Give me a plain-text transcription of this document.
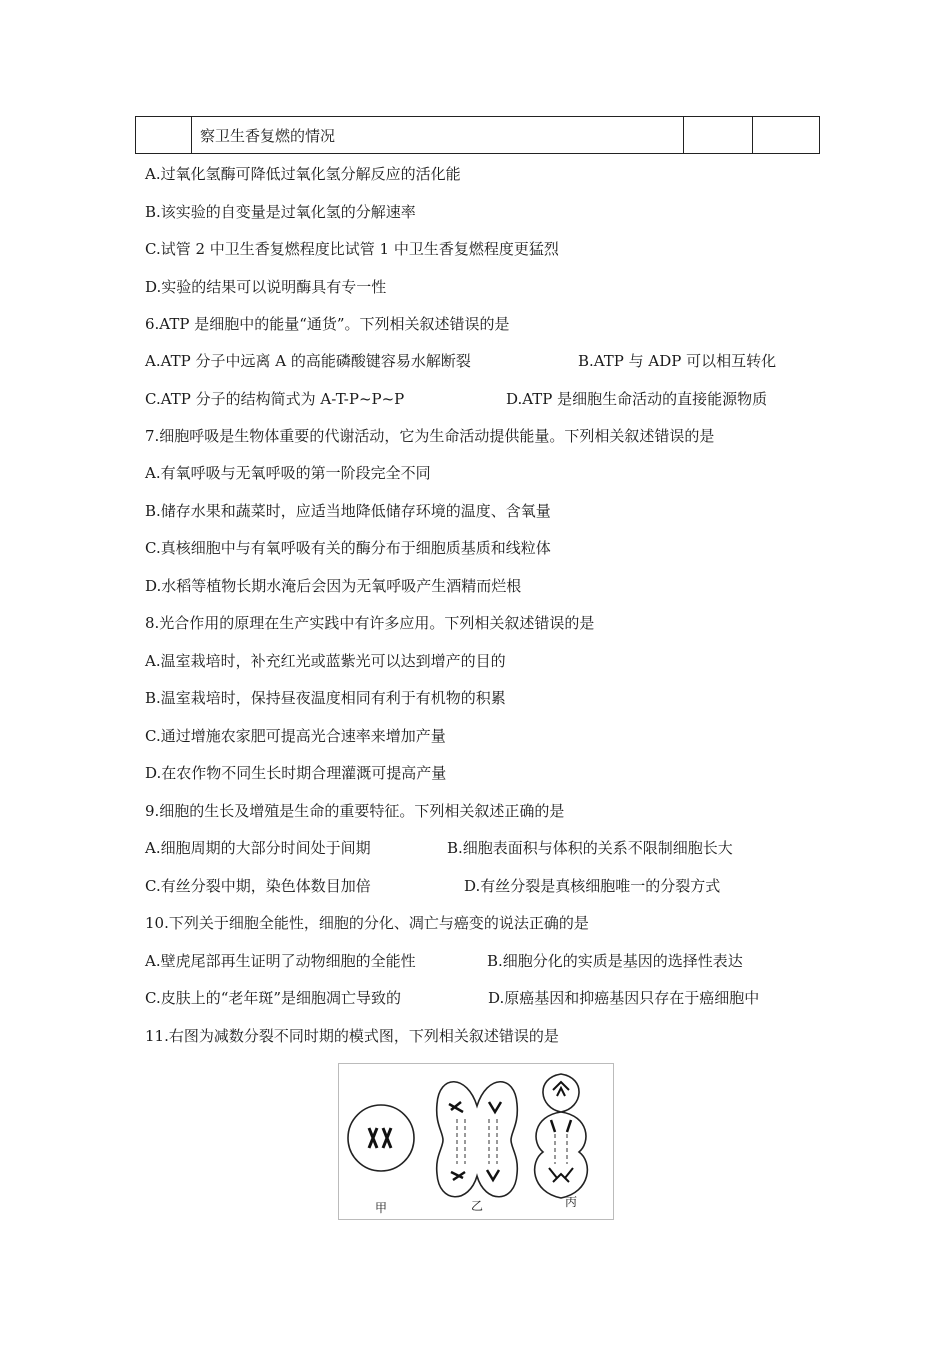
	察卫生香复燃的情况		
A.过氧化氢酶可降低过氧化氢分解反应的活化能
B.该实验的自变量是过氧化氢的分解速率
C.试管 2 中卫生香复燃程度比试管 1 中卫生香复燃程度更猛烈
D.实验的结果可以说明酶具有专一性
6.ATP 是细胞中的能量“通货”。下列相关叙述错误的是
A.ATP 分子中远离 A 的高能磷酸键容易水解断裂	B.ATP 与 ADP 可以相互转化
C.ATP 分子的结构简式为 A-T-P~P~P	D.ATP 是细胞生命活动的直接能源物质
7.细胞呼吸是生物体重要的代谢活动，它为生命活动提供能量。下列相关叙述错误的是
A.有氧呼吸与无氧呼吸的第一阶段完全不同
B.储存水果和蔬菜时，应适当地降低储存环境的温度、含氧量
C.真核细胞中与有氧呼吸有关的酶分布于细胞质基质和线粒体
D.水稻等植物长期水淹后会因为无氧呼吸产生酒精而烂根
8.光合作用的原理在生产实践中有许多应用。下列相关叙述错误的是
A.温室栽培时，补充红光或蓝紫光可以达到增产的目的
B.温室栽培时，保持昼夜温度相同有利于有机物的积累
C.通过增施农家肥可提高光合速率来增加产量
D.在农作物不同生长时期合理灌溉可提高产量
9.细胞的生长及增殖是生命的重要特征。下列相关叙述正确的是
A.细胞周期的大部分时间处于间期	B.细胞表面积与体积的关系不限制细胞长大
C.有丝分裂中期，染色体数目加倍	D.有丝分裂是真核细胞唯一的分裂方式
10.下列关于细胞全能性，细胞的分化、凋亡与癌变的说法正确的是
A.壁虎尾部再生证明了动物细胞的全能性	B.细胞分化的实质是基因的选择性表达
C.皮肤上的“老年斑”是细胞凋亡导致的	D.原癌基因和抑癌基因只存在于癌细胞中
11.右图为减数分裂不同时期的模式图，下列相关叙述错误的是
甲	乙	丙
